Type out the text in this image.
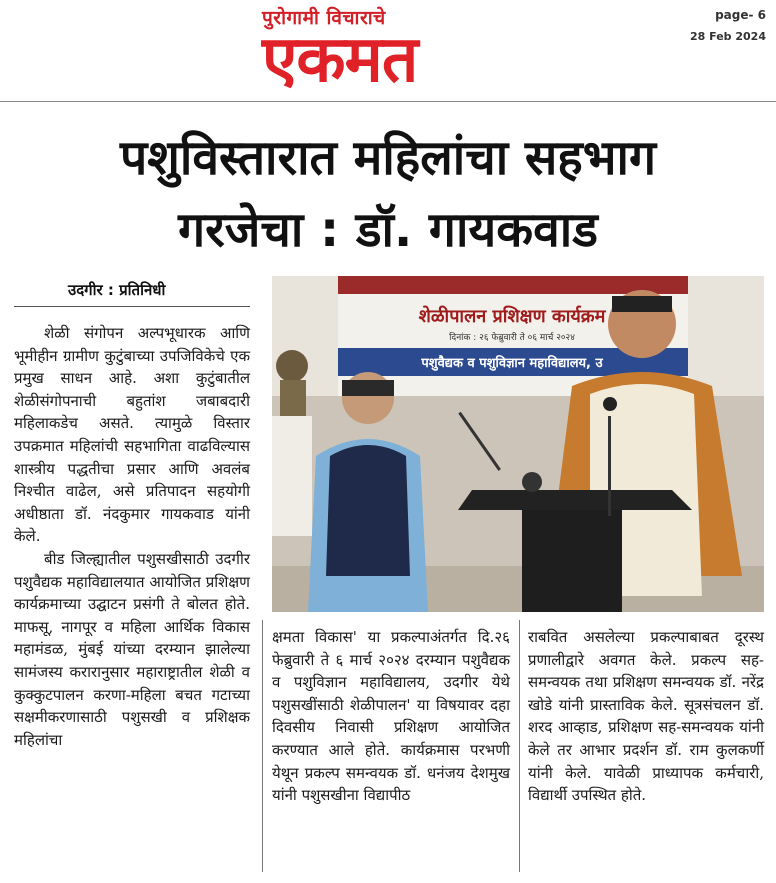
पुरोगामी विचाराचे
एकमत
page- 6
28 Feb 2024
पशुविस्तारात महिलांचा सहभाग
गरजेचा : डॉ. गायकवाड
उदगीर : प्रतिनिधी

शेळी संगोपन अल्पभूधारक आणि भूमीहीन ग्रामीण कुटुंबाच्या उपजिविकेचे एक प्रमुख साधन आहे. अशा कुटुंबातील शेळीसंगोपनाची बहुतांश जबाबदारी महिलाकडेच असते. त्यामुळे विस्तार उपक्रमात महिलांची सहभागिता वाढविल्यास शास्त्रीय पद्धतीचा प्रसार आणि अवलंब निश्चीत वाढेल, असे प्रतिपादन सहयोगी अधीष्ठाता डॉ. नंदकुमार गायकवाड यांनी केले.

बीड जिल्ह्यातील पशुसखीसाठी उदगीर पशुवैद्यक महाविद्यालयात आयोजित प्रशिक्षण कार्यक्रमाच्या उद्घाटन प्रसंगी ते बोलत होते. माफसू, नागपूर व महिला आर्थिक विकास महामंडळ, मुंबई यांच्या दरम्यान झालेल्या सामंजस्य करारानुसार महाराष्ट्रातील शेळी व कुक्कुटपालन करणा-महिला बचत गटाच्या सक्षमीकरणासाठी पशुसखी व प्रशिक्षक महिलांचा

शेळीपालन प्रशिक्षण कार्यक्रम
दिनांक : २६ फेब्रुवारी ते ०६ मार्च २०२४
पशुवैद्यक व पशुविज्ञान महाविद्यालय, उ

क्षमता विकास' या प्रकल्पाअंतर्गत दि.२६ फेब्रुवारी ते ६ मार्च २०२४ दरम्यान पशुवैद्यक व पशुविज्ञान महाविद्यालय, उदगीर येथे पशुसखींसाठी शेळीपालन' या विषयावर दहा दिवसीय निवासी प्रशिक्षण आयोजित करण्यात आले होते. कार्यक्रमास परभणी येथून प्रकल्प समन्वयक डॉ. धनंजय देशमुख यांनी पशुसखीना विद्यापीठ

राबवित असलेल्या प्रकल्पाबाबत दूरस्थ प्रणालीद्वारे अवगत केले. प्रकल्प सह-समन्वयक तथा प्रशिक्षण समन्वयक डॉ. नरेंद्र खोडे यांनी प्रास्ताविक केले. सूत्रसंचलन डॉ. शरद आव्हाड, प्रशिक्षण सह-समन्वयक यांनी केले तर आभार प्रदर्शन डॉ. राम कुलकर्णी यांनी केले. यावेळी प्राध्यापक कर्मचारी, विद्यार्थी उपस्थित होते.
